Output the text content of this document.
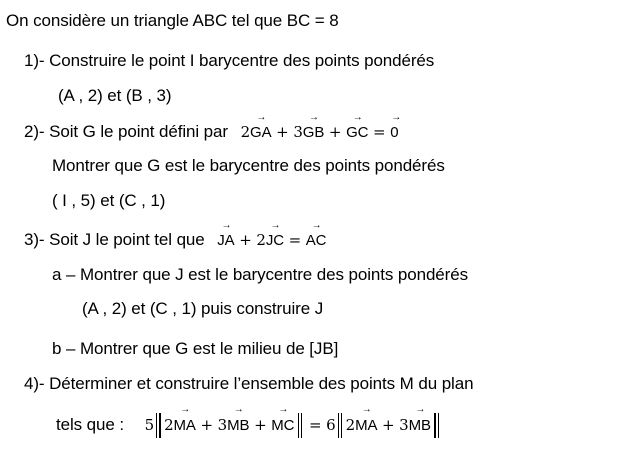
On considère un triangle ABC tel que BC = 8
1)- Construire le point I barycentre des points pondérés
(A , 2) et (B , 3)
2)- Soit G le point défini par 2
→
GA + 3
→
GB +
→
GC =
→
0
Montrer que G est le barycentre des points pondérés
( I , 5) et (C , 1)
3)- Soit J le point tel que
→
JA + 2
→
JC =
→
AC
a – Montrer que J est le barycentre des points pondérés
(A , 2) et (C , 1) puis construire J
b – Montrer que G est le milieu de [JB]
4)- Déterminer et construire l’ensemble des points M du plan
tels que : 5 2
→
MA + 3
→
MB +
→
MC = 6 2
→
MA + 3
→
MB
